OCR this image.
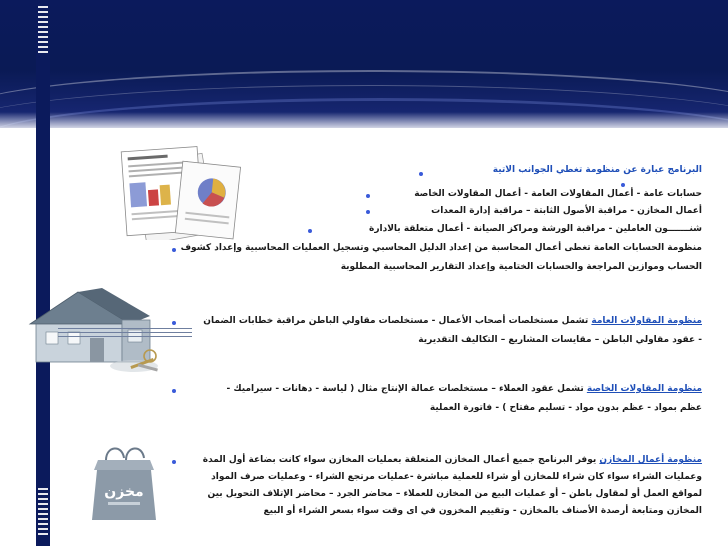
مخزن
البرنامج عبارة عن منظومة تغطي الجوانب الاتية
حسابات عامة - أعمال المقاولات العامة - أعمال المقاولات الخاصة
أعمال المخازن - مراقبة الأصول الثابتة – مراقبة إدارة المعدات
شنـــــــون العاملين - مراقبة الورشة ومراكز الصيانة - أعمال متعلقة بالادارة
منظومة الحسابات العامة تغطى أعمال المحاسبة من إعداد الدليل المحاسبي وتسجيل العمليات المحاسبية وإعداد كشوف
الحساب وموازين المراجعة والحسابات الختامية وإعداد التقارير المحاسبية المطلوبة
منظومة المقاولات العامة تشمل مستخلصات أصحاب الأعمال - مستخلصات مقاولي الباطن مراقبة خطابات الضمان
- عقود مقاولي الباطن – مقايسات المشاريع – التكاليف التقديرية
منظومة المقاولات الخاصة تشمل عقود العملاء – مستخلصات عمالة الإنتاج مثال ( لياسة - دهانات - سيراميك -
عظم بمواد - عظم بدون مواد - تسليم مفتاح ) - فاتورة العملية
منظومة أعمال المخازن يوفر البرنامج جميع أعمال المخازن المتعلقة بعمليات المخازن سواء كانت بضاعة أول المدة
وعمليات الشراء سواء كان شراء للمخازن أو شراء للعملية مباشرة -عمليات مرتجع الشراء - وعمليات صرف المواد
لمواقع العمل أو لمقاول باطن – أو عمليات البيع من المخازن للعملاء – محاضر الجرد – محاضر الإتلاف التحويل بين
المخازن ومتابعة أرصدة الأصناف بالمخازن - وتقييم المخزون في اى وقت سواء بسعر الشراء أو البيع
